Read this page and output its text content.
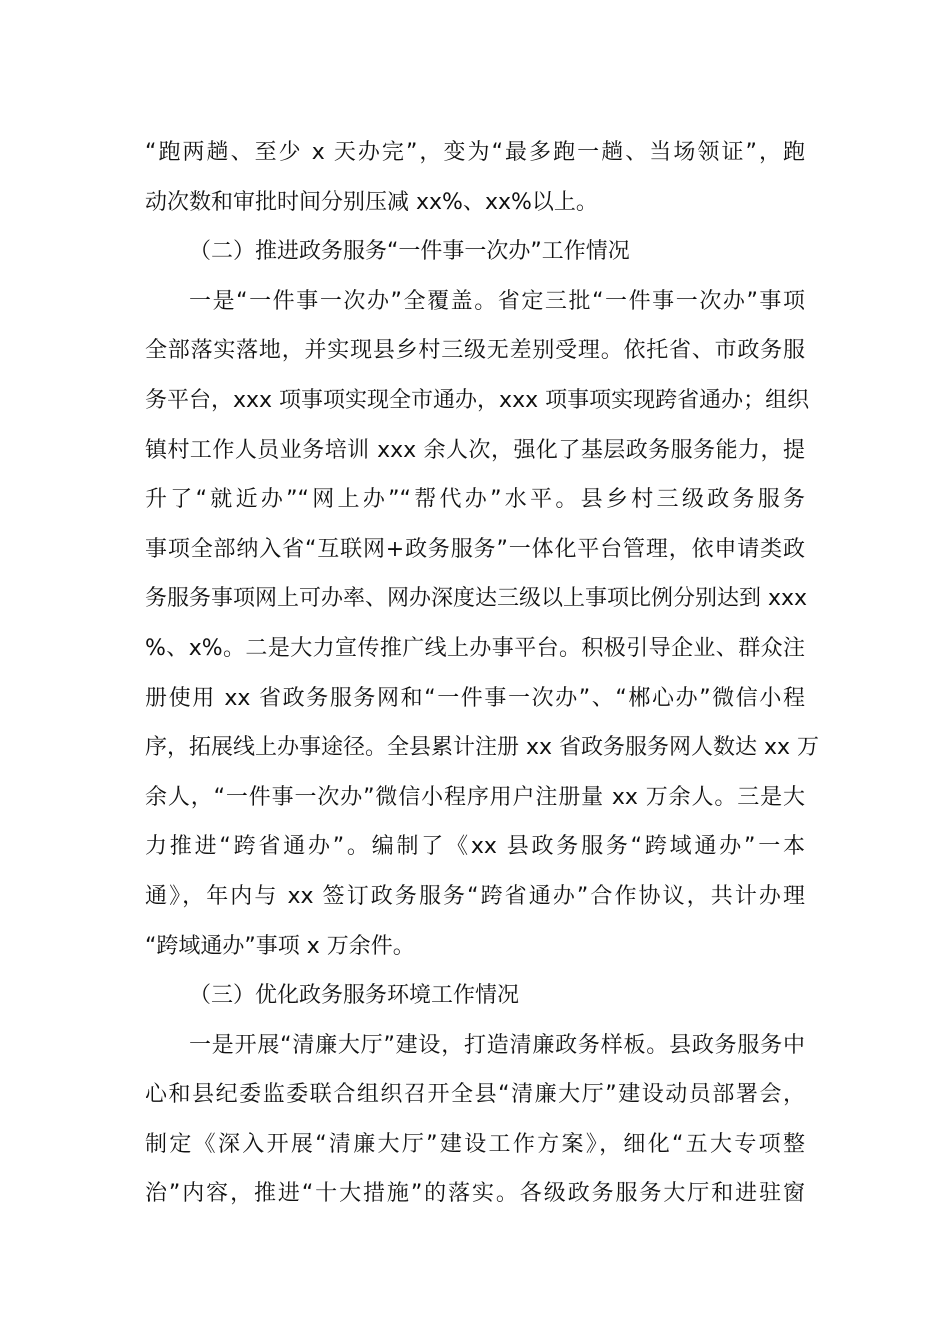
“跑两趟、至少 x 天办完”，变为“最多跑一趟、当场领证”，跑
动次数和审批时间分别压减 xx%、xx%以上。
（二）推进政务服务“一件事一次办”工作情况
一是“一件事一次办”全覆盖。省定三批“一件事一次办”事项
全部落实落地，并实现县乡村三级无差别受理。依托省、市政务服
务平台，xxx 项事项实现全市通办，xxx 项事项实现跨省通办；组织
镇村工作人员业务培训 xxx 余人次，强化了基层政务服务能力，提
升了“就近办”“网上办”“帮代办”水平。县乡村三级政务服务
事项全部纳入省“互联网+政务服务”一体化平台管理，依申请类政
务服务事项网上可办率、网办深度达三级以上事项比例分别达到 xxx
%、x%。二是大力宣传推广线上办事平台。积极引导企业、群众注
册使用 xx 省政务服务网和“一件事一次办”、“郴心办”微信小程
序，拓展线上办事途径。全县累计注册 xx 省政务服务网人数达 xx 万
余人，“一件事一次办”微信小程序用户注册量 xx 万余人。三是大
力推进“跨省通办”。编制了《xx 县政务服务“跨域通办”一本
通》，年内与 xx 签订政务服务“跨省通办”合作协议，共计办理
“跨域通办”事项 x 万余件。
（三）优化政务服务环境工作情况
一是开展“清廉大厅”建设，打造清廉政务样板。县政务服务中
心和县纪委监委联合组织召开全县“清廉大厅”建设动员部署会，
制定《深入开展“清廉大厅”建设工作方案》，细化“五大专项整
治”内容，推进“十大措施”的落实。各级政务服务大厅和进驻窗
